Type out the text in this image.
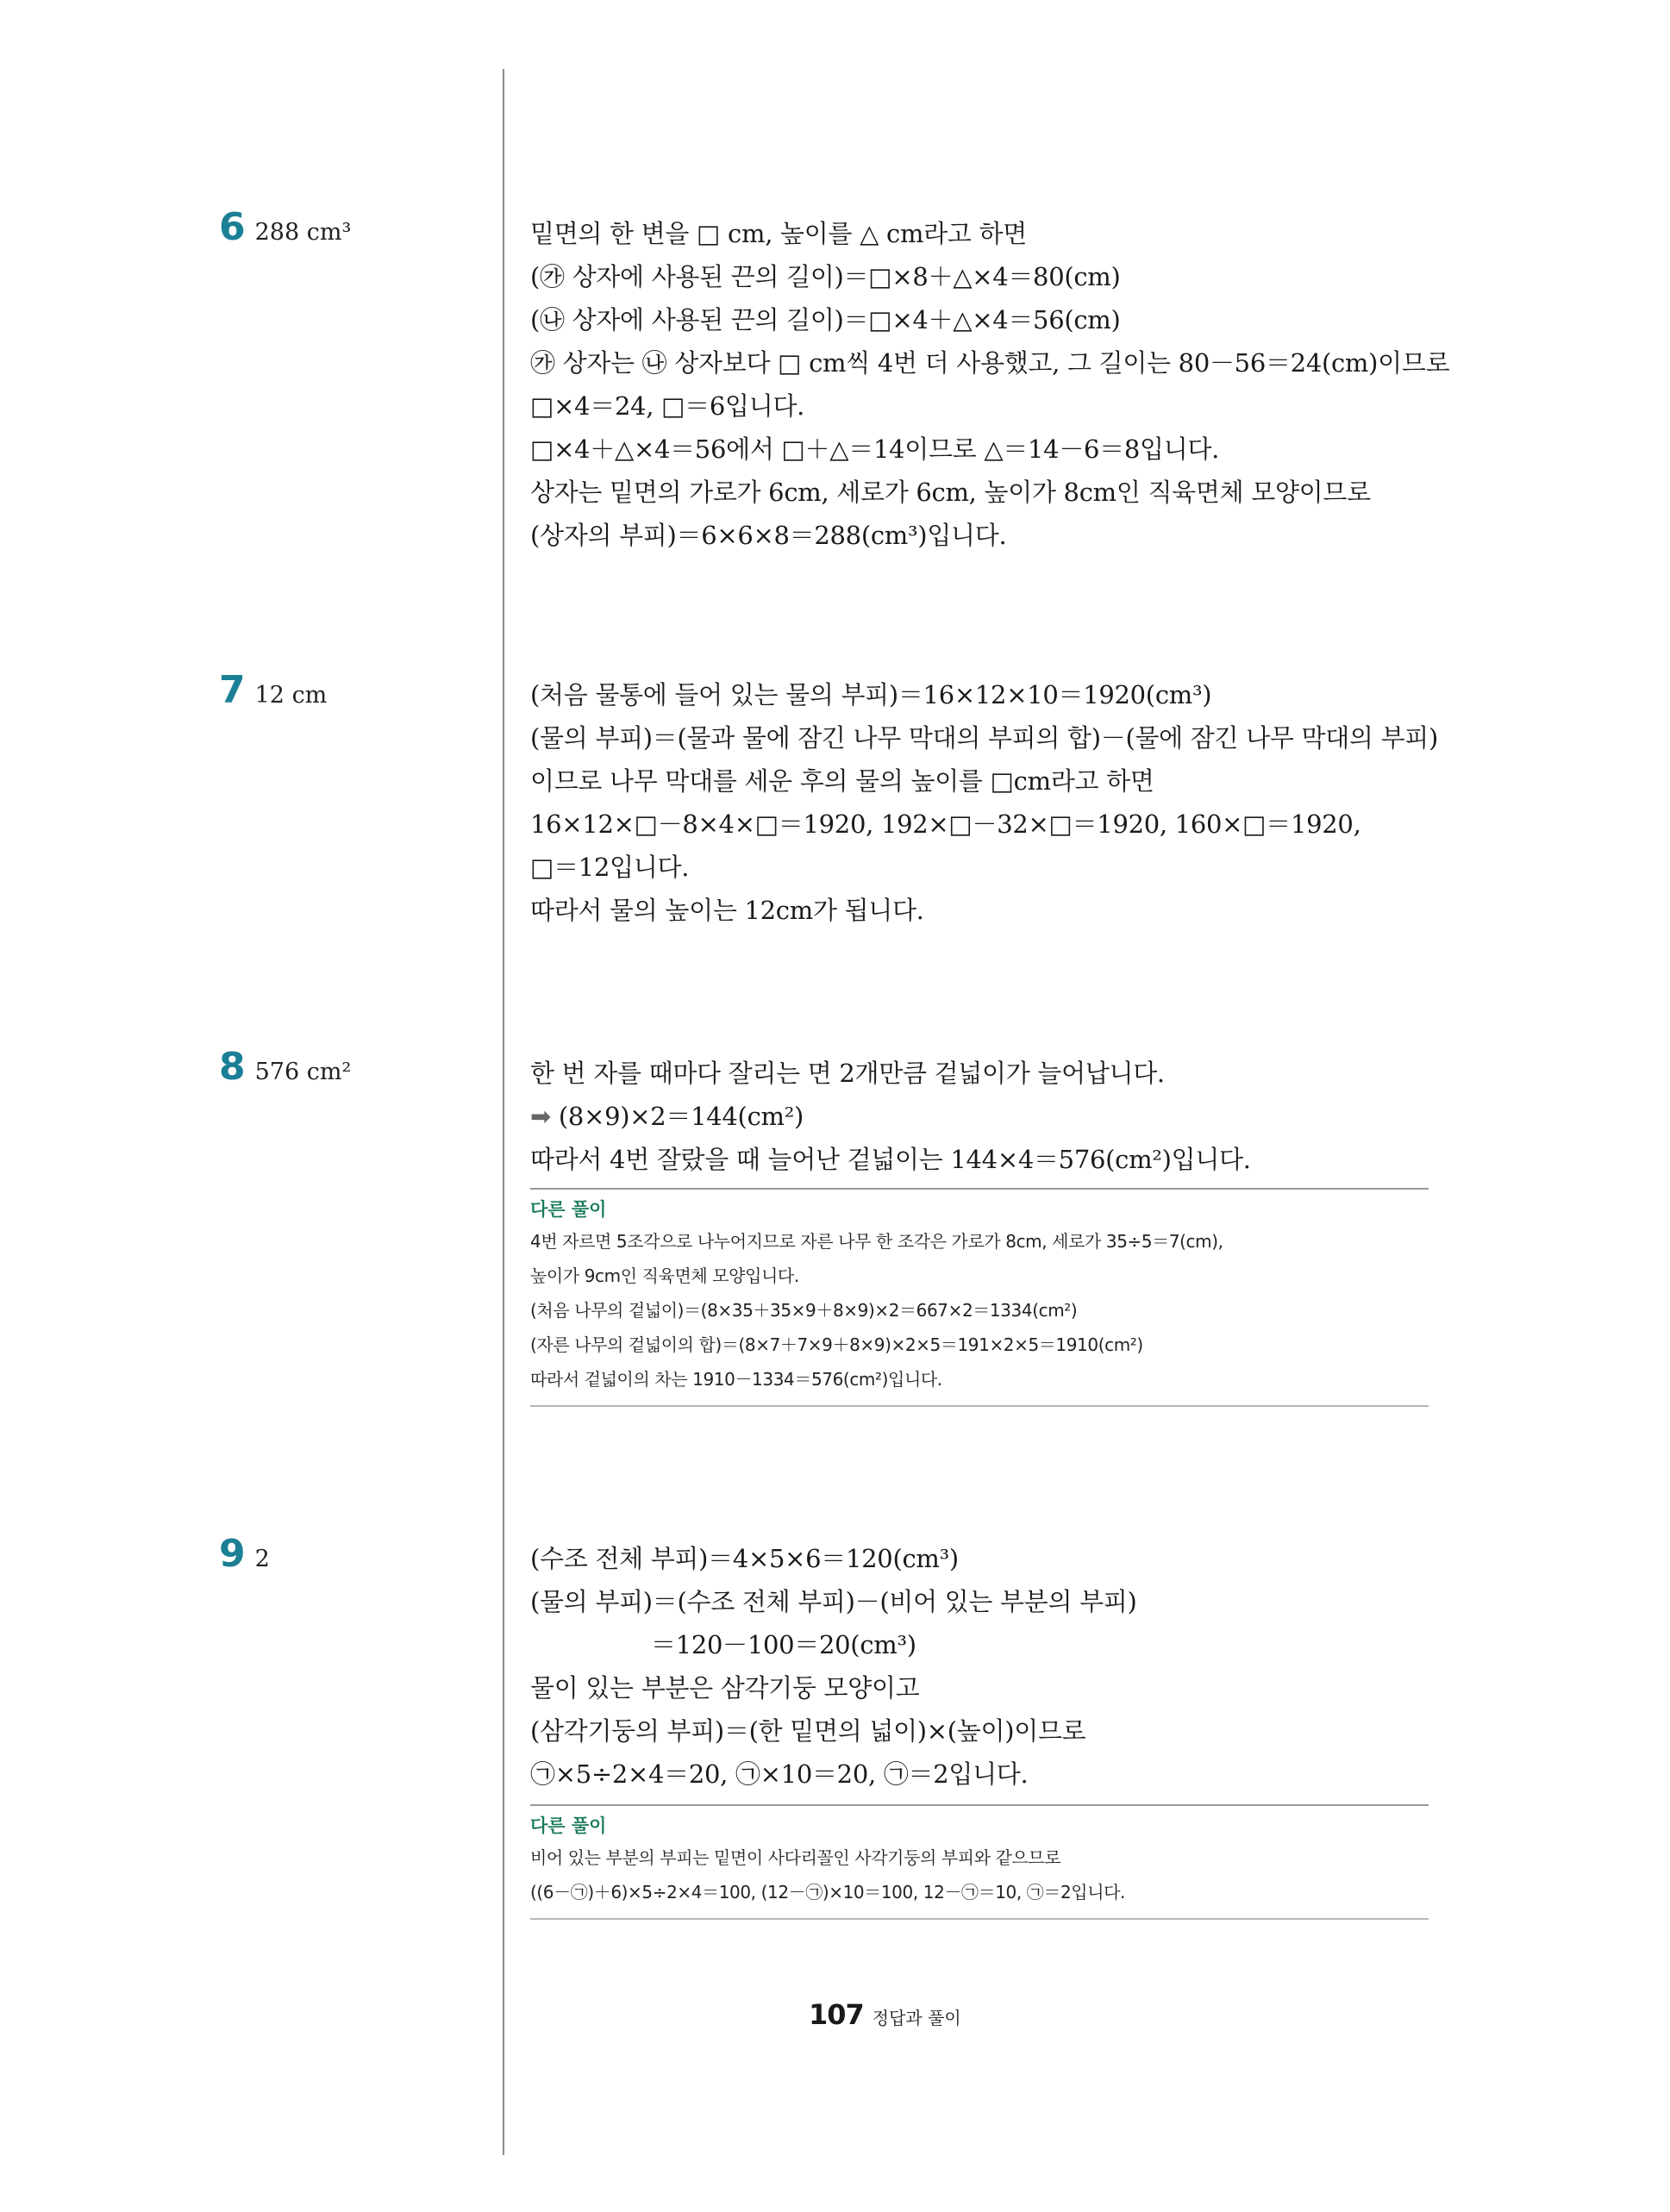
6 288 cm³	밑면의 한 변을 □ cm, 높이를 △ cm라고 하면
(㉮ 상자에 사용된 끈의 길이)＝□×8＋△×4＝80(cm)
(㉯ 상자에 사용된 끈의 길이)＝□×4＋△×4＝56(cm)
㉮ 상자는 ㉯ 상자보다 □ cm씩 4번 더 사용했고, 그 길이는 80－56＝24(cm)이므로
□×4＝24, □＝6입니다.
□×4＋△×4＝56에서 □＋△＝14이므로 △＝14－6＝8입니다.
상자는 밑면의 가로가 6cm, 세로가 6cm, 높이가 8cm인 직육면체 모양이므로
(상자의 부피)＝6×6×8＝288(cm³)입니다.
7 12 cm	(처음 물통에 들어 있는 물의 부피)＝16×12×10＝1920(cm³)
(물의 부피)＝(물과 물에 잠긴 나무 막대의 부피의 합)－(물에 잠긴 나무 막대의 부피)
이므로 나무 막대를 세운 후의 물의 높이를 □cm라고 하면
16×12×□－8×4×□＝1920, 192×□－32×□＝1920, 160×□＝1920,
□＝12입니다.
따라서 물의 높이는 12cm가 됩니다.
8 576 cm²	한 번 자를 때마다 잘리는 면 2개만큼 겉넓이가 늘어납니다.
➡ (8×9)×2＝144(cm²)
따라서 4번 잘랐을 때 늘어난 겉넓이는 144×4＝576(cm²)입니다.
다른 풀이
4번 자르면 5조각으로 나누어지므로 자른 나무 한 조각은 가로가 8cm, 세로가 35÷5＝7(cm),
높이가 9cm인 직육면체 모양입니다.
(처음 나무의 겉넓이)＝(8×35＋35×9＋8×9)×2＝667×2＝1334(cm²)
(자른 나무의 겉넓이의 합)＝(8×7＋7×9＋8×9)×2×5＝191×2×5＝1910(cm²)
따라서 겉넓이의 차는 1910－1334＝576(cm²)입니다.
9 2	(수조 전체 부피)＝4×5×6＝120(cm³)
(물의 부피)＝(수조 전체 부피)－(비어 있는 부분의 부피)
＝120－100＝20(cm³)
물이 있는 부분은 삼각기둥 모양이고
(삼각기둥의 부피)＝(한 밑면의 넓이)×(높이)이므로
㉠×5÷2×4＝20, ㉠×10＝20, ㉠＝2입니다.
다른 풀이
비어 있는 부분의 부피는 밑면이 사다리꼴인 사각기둥의 부피와 같으므로
((6－㉠)＋6)×5÷2×4＝100, (12－㉠)×10＝100, 12－㉠＝10, ㉠＝2입니다.
107 정답과 풀이
